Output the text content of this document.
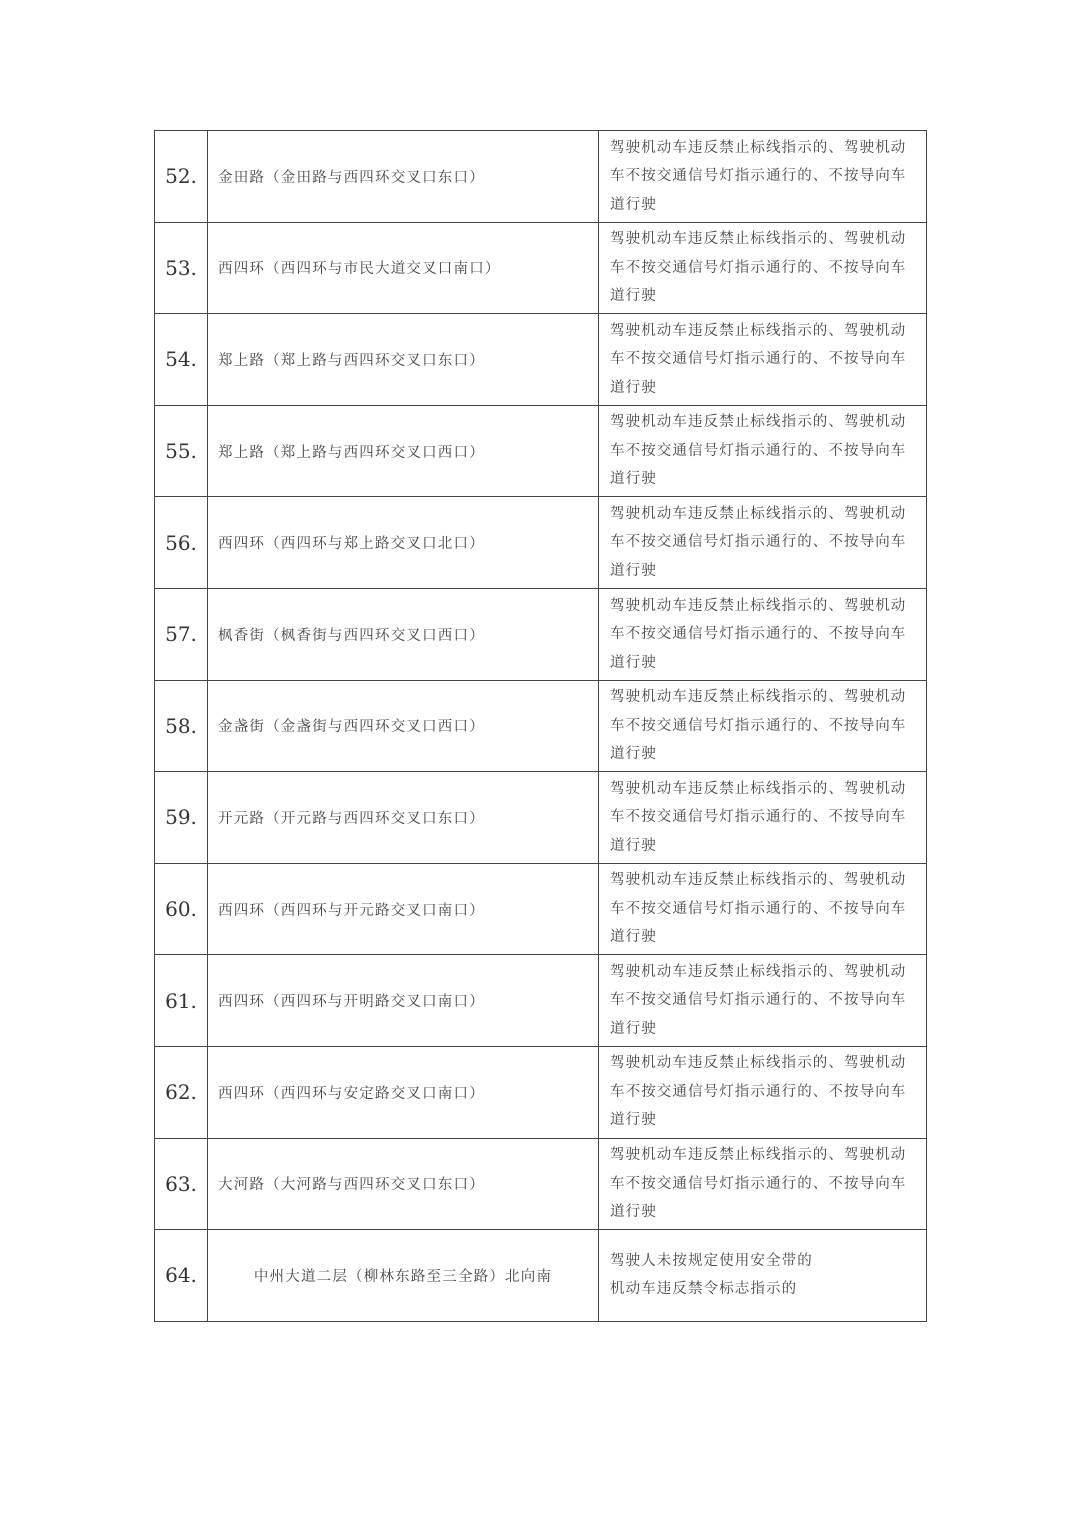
52.	金田路（金田路与西四环交叉口东口）	驾驶机动车违反禁止标线指示的、驾驶机动车不按交通信号灯指示通行的、不按导向车道行驶
53.	西四环（西四环与市民大道交叉口南口）	驾驶机动车违反禁止标线指示的、驾驶机动车不按交通信号灯指示通行的、不按导向车道行驶
54.	郑上路（郑上路与西四环交叉口东口）	驾驶机动车违反禁止标线指示的、驾驶机动车不按交通信号灯指示通行的、不按导向车道行驶
55.	郑上路（郑上路与西四环交叉口西口）	驾驶机动车违反禁止标线指示的、驾驶机动车不按交通信号灯指示通行的、不按导向车道行驶
56.	西四环（西四环与郑上路交叉口北口）	驾驶机动车违反禁止标线指示的、驾驶机动车不按交通信号灯指示通行的、不按导向车道行驶
57.	枫香街（枫香街与西四环交叉口西口）	驾驶机动车违反禁止标线指示的、驾驶机动车不按交通信号灯指示通行的、不按导向车道行驶
58.	金盏街（金盏街与西四环交叉口西口）	驾驶机动车违反禁止标线指示的、驾驶机动车不按交通信号灯指示通行的、不按导向车道行驶
59.	开元路（开元路与西四环交叉口东口）	驾驶机动车违反禁止标线指示的、驾驶机动车不按交通信号灯指示通行的、不按导向车道行驶
60.	西四环（西四环与开元路交叉口南口）	驾驶机动车违反禁止标线指示的、驾驶机动车不按交通信号灯指示通行的、不按导向车道行驶
61.	西四环（西四环与开明路交叉口南口）	驾驶机动车违反禁止标线指示的、驾驶机动车不按交通信号灯指示通行的、不按导向车道行驶
62.	西四环（西四环与安定路交叉口南口）	驾驶机动车违反禁止标线指示的、驾驶机动车不按交通信号灯指示通行的、不按导向车道行驶
63.	大河路（大河路与西四环交叉口东口）	驾驶机动车违反禁止标线指示的、驾驶机动车不按交通信号灯指示通行的、不按导向车道行驶
64.	中州大道二层（柳林东路至三全路）北向南	驾驶人未按规定使用安全带的
机动车违反禁令标志指示的
